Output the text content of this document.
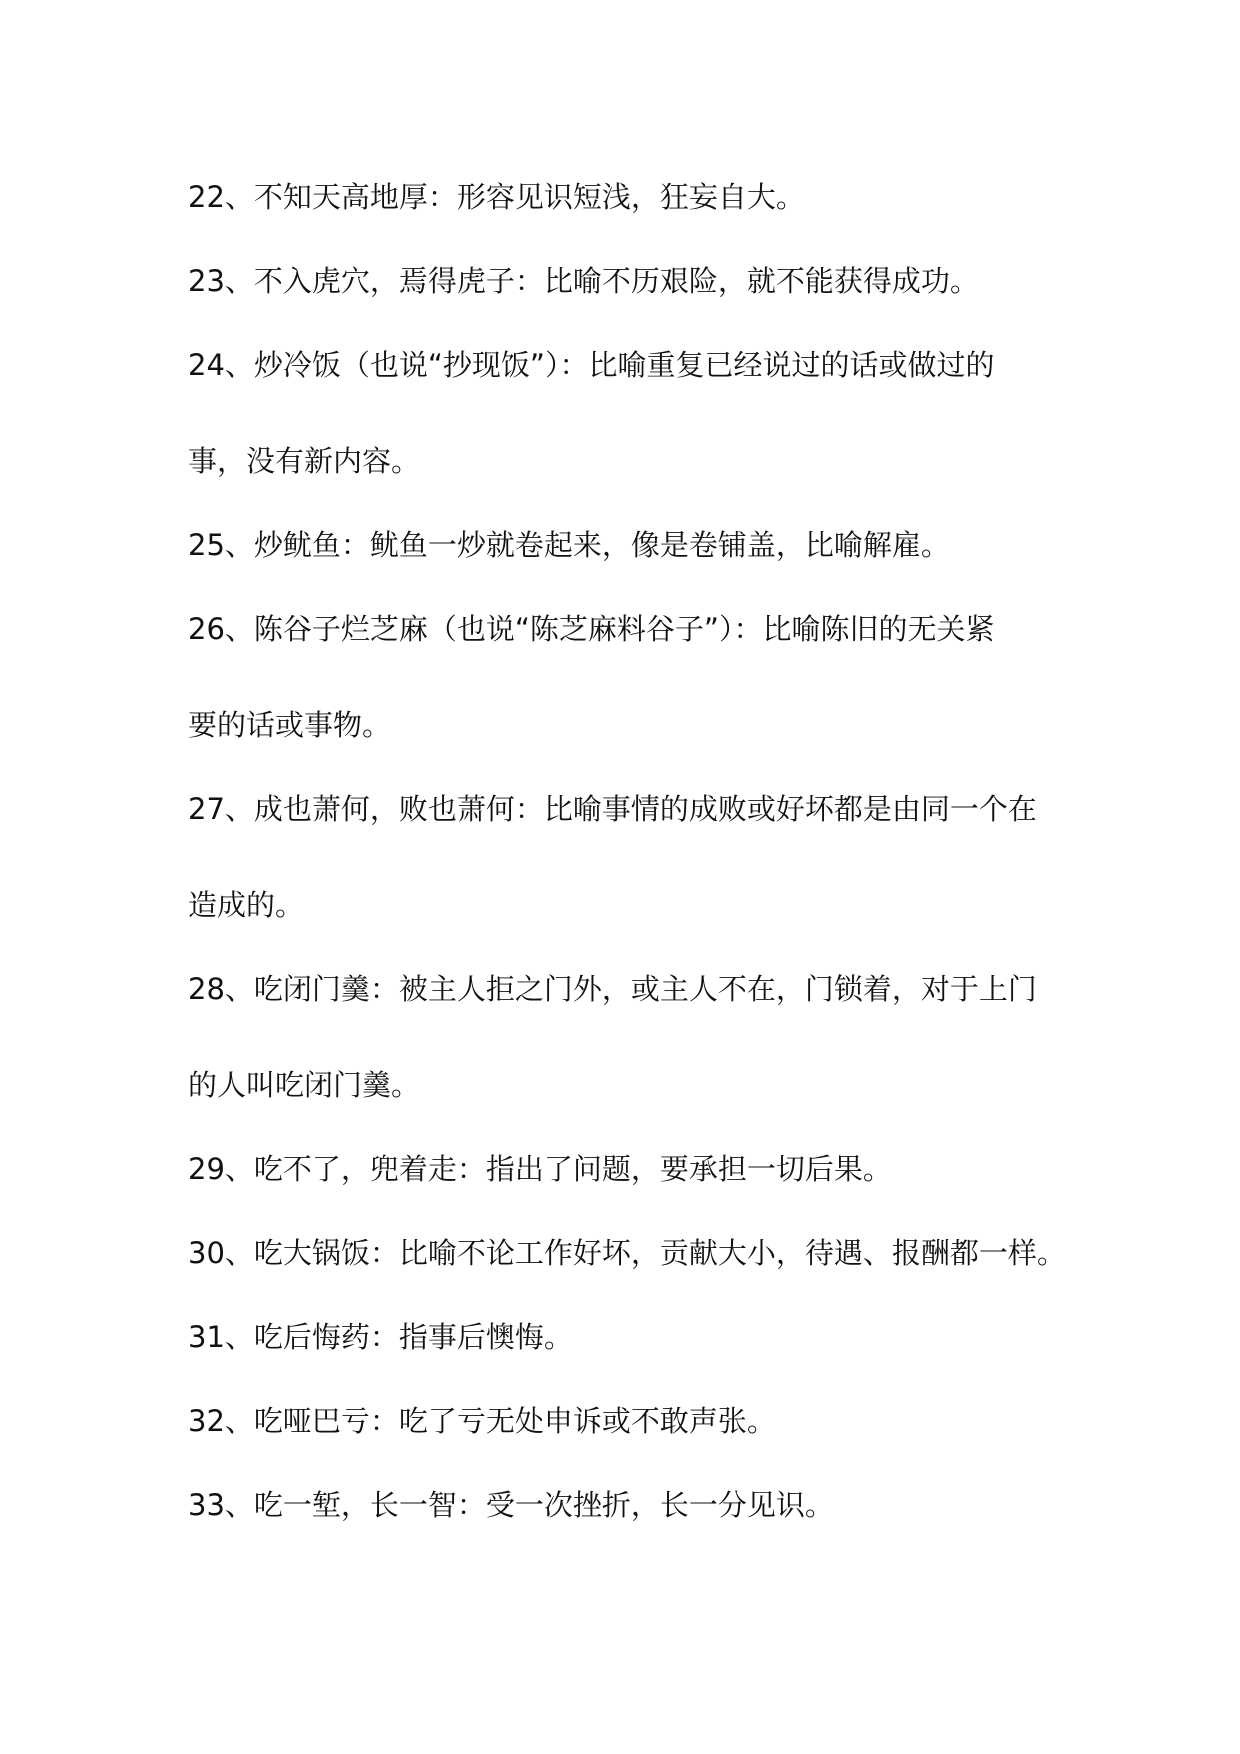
22、不知天高地厚：形容见识短浅，狂妄自大。
23、不入虎穴，焉得虎子：比喻不历艰险，就不能获得成功。
24、炒冷饭（也说“抄现饭”）：比喻重复已经说过的话或做过的
事，没有新内容。
25、炒鱿鱼：鱿鱼一炒就卷起来，像是卷铺盖，比喻解雇。
26、陈谷子烂芝麻（也说“陈芝麻料谷子”）：比喻陈旧的无关紧
要的话或事物。
27、成也萧何，败也萧何：比喻事情的成败或好坏都是由同一个在
造成的。
28、吃闭门羹：被主人拒之门外，或主人不在，门锁着，对于上门
的人叫吃闭门羹。
29、吃不了，兜着走：指出了问题，要承担一切后果。
30、吃大锅饭：比喻不论工作好坏，贡献大小，待遇、报酬都一样。
31、吃后悔药：指事后懊悔。
32、吃哑巴亏：吃了亏无处申诉或不敢声张。
33、吃一堑，长一智：受一次挫折，长一分见识。
